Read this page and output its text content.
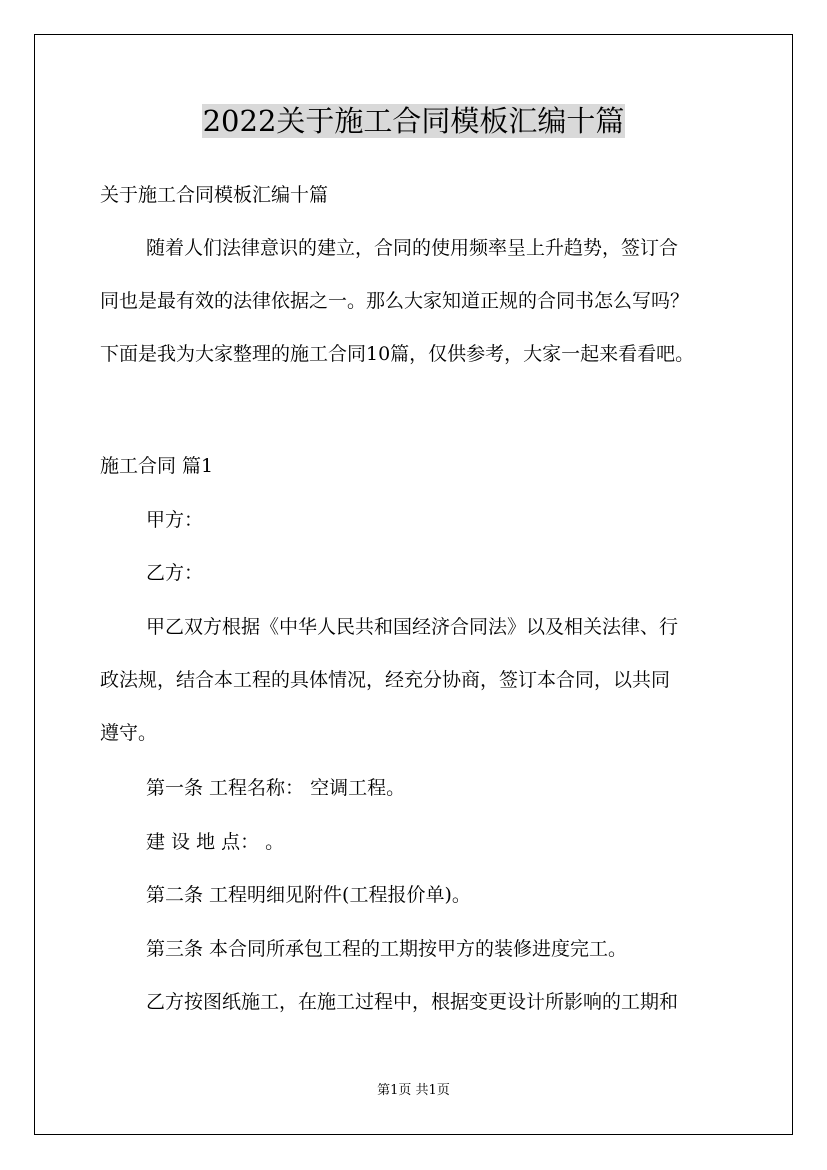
2022关于施工合同模板汇编十篇

关于施工合同模板汇编十篇

随着人们法律意识的建立，合同的使用频率呈上升趋势，签订合

同也是最有效的法律依据之一。那么大家知道正规的合同书怎么写吗？

下面是我为大家整理的施工合同10篇，仅供参考，大家一起来看看吧。

施工合同 篇1

甲方：

乙方：

甲乙双方根据《中华人民共和国经济合同法》以及相关法律、行

政法规，结合本工程的具体情况，经充分协商，签订本合同，以共同

遵守。

第一条 工程名称： 空调工程。

建 设 地 点： 。

第二条 工程明细见附件(工程报价单)。

第三条 本合同所承包工程的工期按甲方的装修进度完工。

乙方按图纸施工，在施工过程中，根据变更设计所影响的工期和

第1页 共1页
